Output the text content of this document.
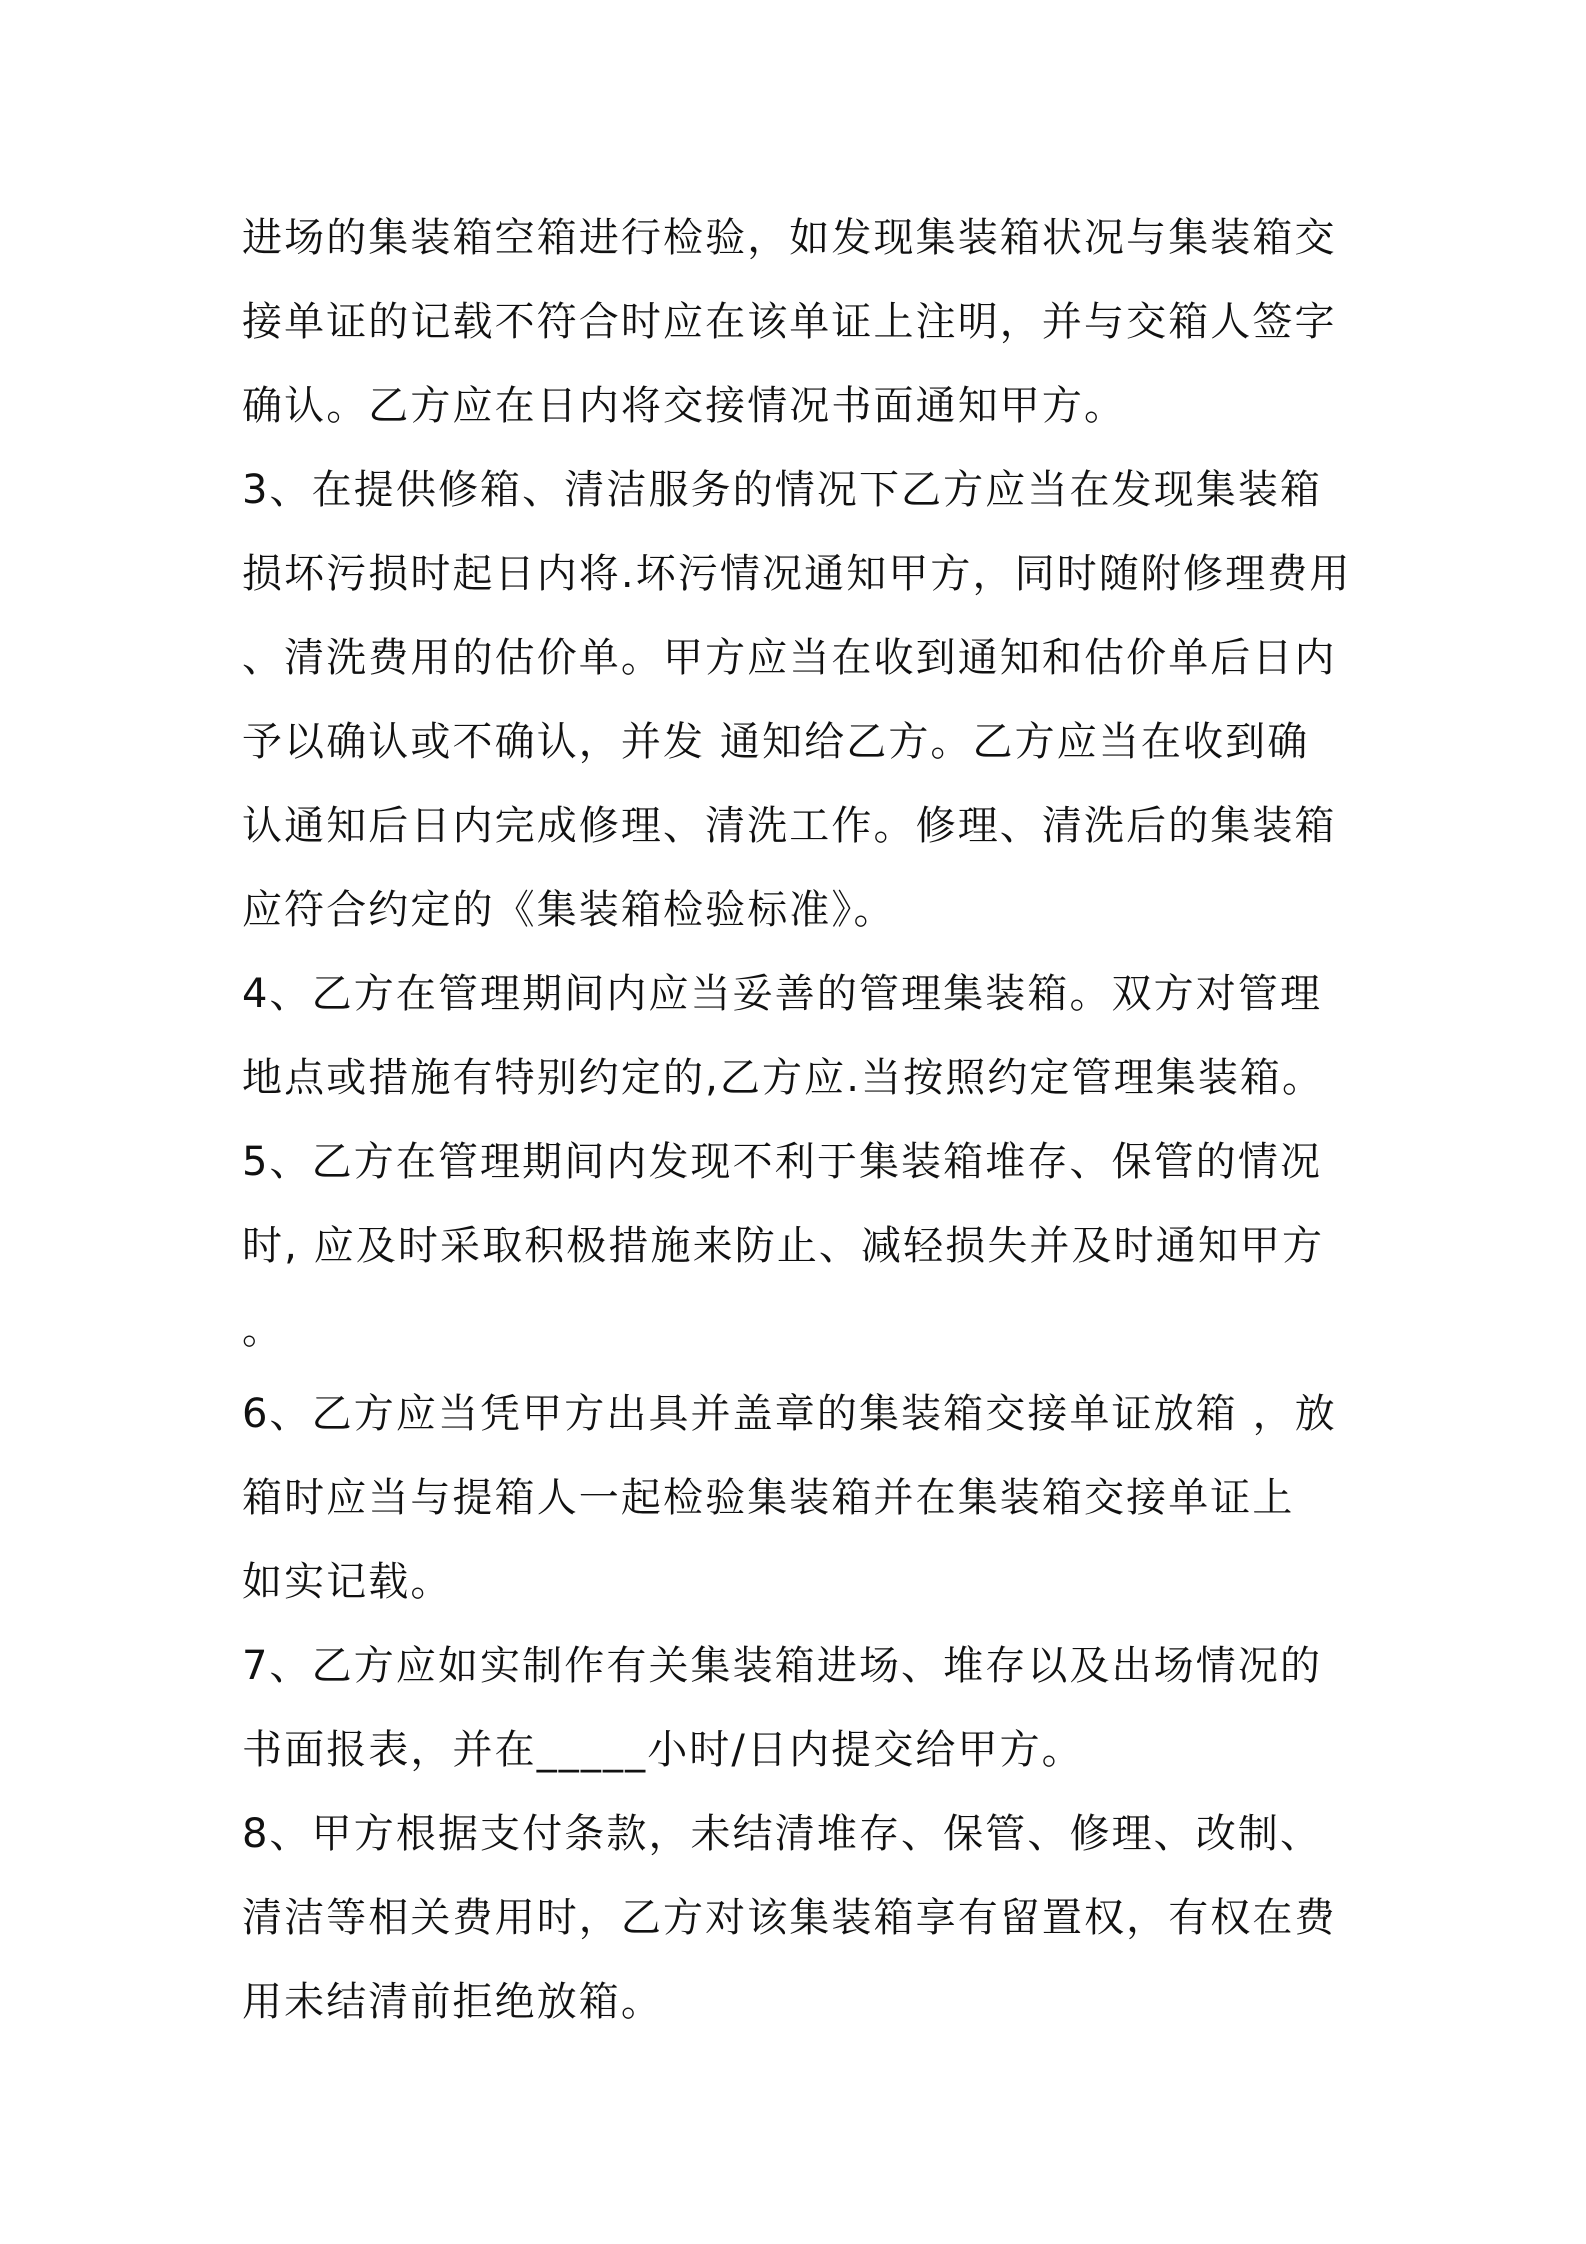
进场的集装箱空箱进行检验，如发现集装箱状况与集装箱交
接单证的记载不符合时应在该单证上注明，并与交箱人签字
确认。乙方应在日内将交接情况书面通知甲方。
3、在提供修箱、清洁服务的情况下乙方应当在发现集装箱
损坏污损时起日内将.坏污情况通知甲方，同时随附修理费用
、清洗费用的估价单。甲方应当在收到通知和估价单后日内
予以确认或不确认，并发 通知给乙方。乙方应当在收到确
认通知后日内完成修理、清洗工作。修理、清洗后的集装箱
应符合约定的《集装箱检验标准》。
4、乙方在管理期间内应当妥善的管理集装箱。双方对管理
地点或措施有特别约定的,乙方应.当按照约定管理集装箱。
5、乙方在管理期间内发现不利于集装箱堆存、保管的情况
时, 应及时采取积极措施来防止、减轻损失并及时通知甲方
。
6、乙方应当凭甲方出具并盖章的集装箱交接单证放箱 ，放
箱时应当与提箱人一起检验集装箱并在集装箱交接单证上
如实记载。
7、乙方应如实制作有关集装箱进场、堆存以及出场情况的
书面报表，并在_____小时/日内提交给甲方。
8、甲方根据支付条款，未结清堆存、保管、修理、改制、
清洁等相关费用时，乙方对该集装箱享有留置权，有权在费
用未结清前拒绝放箱。
